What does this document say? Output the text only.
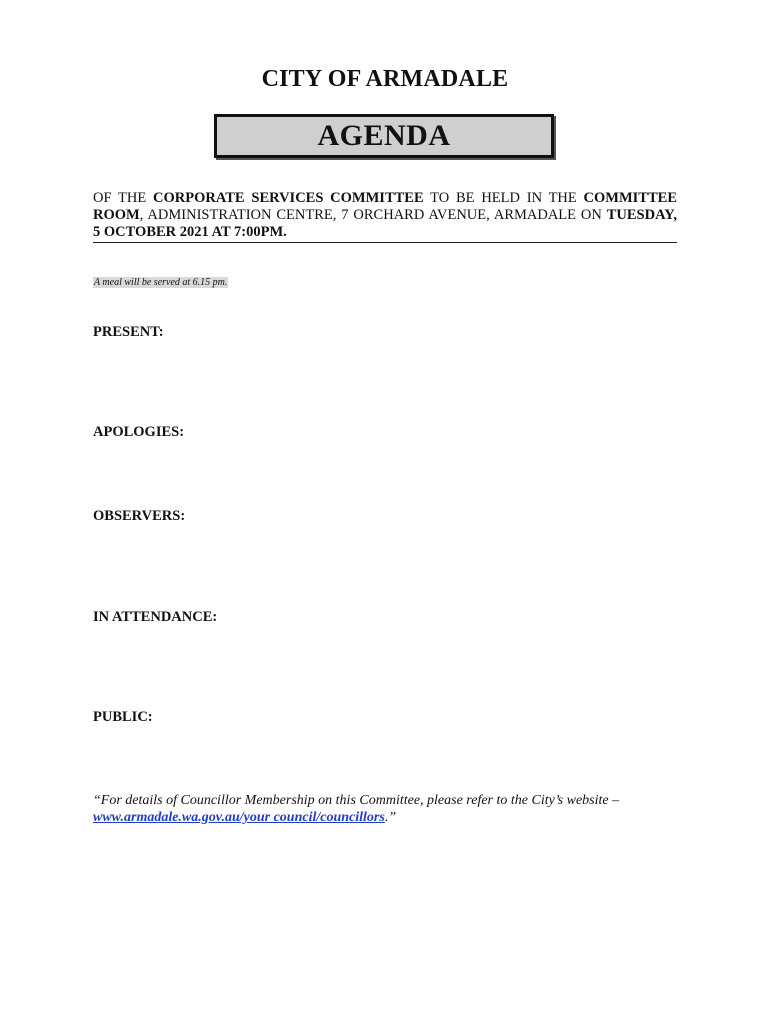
CITY OF ARMADALE
AGENDA
OF THE CORPORATE SERVICES COMMITTEE TO BE HELD IN THE COMMITTEE ROOM, ADMINISTRATION CENTRE, 7 ORCHARD AVENUE, ARMADALE ON TUESDAY, 5 OCTOBER 2021 AT 7:00PM.
A meal will be served at 6.15 pm.
PRESENT:
APOLOGIES:
OBSERVERS:
IN ATTENDANCE:
PUBLIC:
“For details of Councillor Membership on this Committee, please refer to the City’s website – www.armadale.wa.gov.au/your council/councillors.”
